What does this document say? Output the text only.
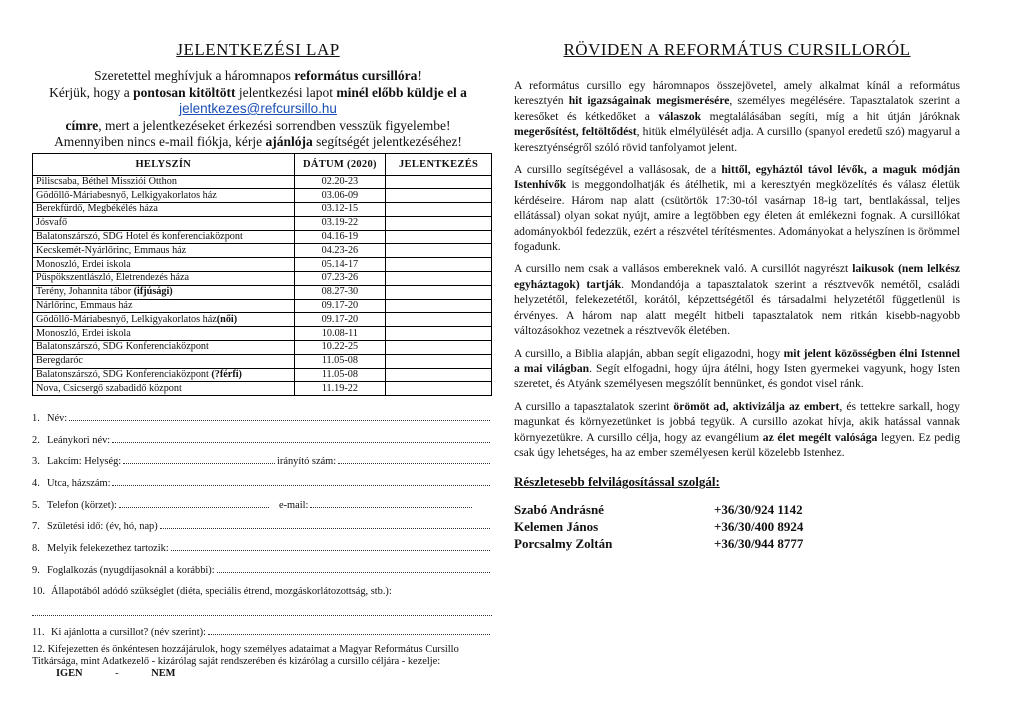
JELENTKEZÉSI LAP
Szeretettel meghívjuk a háromnapos református cursillóra!
Kérjük, hogy a pontosan kitöltött jelentkezési lapot minél előbb küldje el a
jelentkezes@refcursillo.hu
címre, mert a jelentkezéseket érkezési sorrendben vesszük figyelembe!
Amennyiben nincs e-mail fiókja, kérje ajánlója segítségét jelentkezéséhez!
HELYSZÍN	DÁTUM (2020)	JELENTKEZÉS
Piliscsaba, Béthel Missziói Otthon	02.20-23	
Gödöllő-Máriabesnyő, Lelkigyakorlatos ház	03.06-09	
Berekfürdő, Megbékélés háza	03.12-15	
Jósvafő	03.19-22	
Balatonszárszó, SDG Hotel és konferenciaközpont	04.16-19	
Kecskemét-Nyárlőrinc, Emmaus ház	04.23-26	
Monoszló, Erdei iskola	05.14-17	
Püspökszentlászló, Életrendezés háza	07.23-26	
Terény, Johannita tábor (ifjúsági)	08.27-30	
Nárlőrinc, Emmaus ház	09.17-20	
Gödöllő-Máriabesnyő, Lelkigyakorlatos ház(női)	09.17-20	
Monoszló, Erdei iskola	10.08-11	
Balatonszárszó, SDG Konferenciaközpont	10.22-25	
Beregdaróc	11.05-08	
Balatonszárszó, SDG Konferenciaközpont (?férfi)	11.05-08	
Nova, Csicsergő szabadidő központ	11.19-22	
1. Név:
2. Leánykori név:
3. Lakcím: Helység:	irányító szám:
4. Utca, házszám:
5. Telefon (körzet):	e-mail:
7. Születési idő: (év, hó, nap)
8. Melyik felekezethez tartozik:
9. Foglalkozás (nyugdíjasoknál a korábbi):
10. Állapotából adódó szükséglet (diéta, speciális étrend, mozgáskorlátozottság, stb.):
11. Ki ajánlotta a cursillot? (név szerint):
12. Kifejezetten és önkéntesen hozzájárulok, hogy személyes adataimat a Magyar Református Cursillo Titkársága, mint Adatkezelő - kizárólag saját rendszerében és kizárólag a cursillo céljára - kezelje: IGEN	-	NEM
RÖVIDEN A REFORMÁTUS CURSILLORÓL

A református cursillo egy háromnapos összejövetel, amely alkalmat kínál a református keresztyén hit igazságainak megismerésére, személyes megélésére. Tapasztalatok szerint a keresőket és kétkedőket a válaszok megtalálásában segíti, míg a hit útján járóknak megerősítést, feltöltődést, hitük elmélyülését adja. A cursillo (spanyol eredetű szó) magyarul a keresztyénségről szóló rövid tanfolyamot jelent.

A cursillo segítségével a vallásosak, de a hittől, egyháztól távol lévők, a maguk módján Istenhívők is meggondolhatják és átélhetik, mi a keresztyén megközelítés és válasz életük kérdéseire. Három nap alatt (csütörtök 17:30-tól vasárnap 18-ig tart, bentlakással, teljes ellátással) olyan sokat nyújt, amire a legtöbben egy életen át emlékezni fognak. A cursillókat adományokból fedezzük, ezért a részvétel térítésmentes. Adományokat a helyszínen is örömmel fogadunk.

A cursillo nem csak a vallásos embereknek való. A cursillót nagyrészt laikusok (nem lelkész egyháztagok) tartják. Mondandója a tapasztalatok szerint a résztvevők nemétől, családi helyzetétől, felekezetétől, korától, képzettségétől és társadalmi helyzetétől függetlenül is érvényes. A három nap alatt megélt hitbeli tapasztalatok nem ritkán kisebb-nagyobb változásokhoz vezetnek a résztvevők életében.

A cursillo, a Biblia alapján, abban segít eligazodni, hogy mit jelent közösségben élni Istennel a mai világban. Segít elfogadni, hogy újra átélni, hogy Isten gyermekei vagyunk, hogy Isten szeretet, és Atyánk személyesen megszólít bennünket, és gondot visel ránk.

A cursillo a tapasztalatok szerint örömöt ad, aktivizálja az embert, és tettekre sarkall, hogy magunkat és környezetünket is jobbá tegyük. A cursillo azokat hívja, akik hatással vannak környezetükre. A cursillo célja, hogy az evangélium az élet megélt valósága legyen. Ez pedig csak úgy lehetséges, ha az ember személyesen kerül közelebb Istenhez.

Részletesebb felvilágosítással szolgál:
Szabó Andrásné	+36/30/924 1142
Kelemen János	+36/30/400 8924
Porcsalmy Zoltán	+36/30/944 8777
